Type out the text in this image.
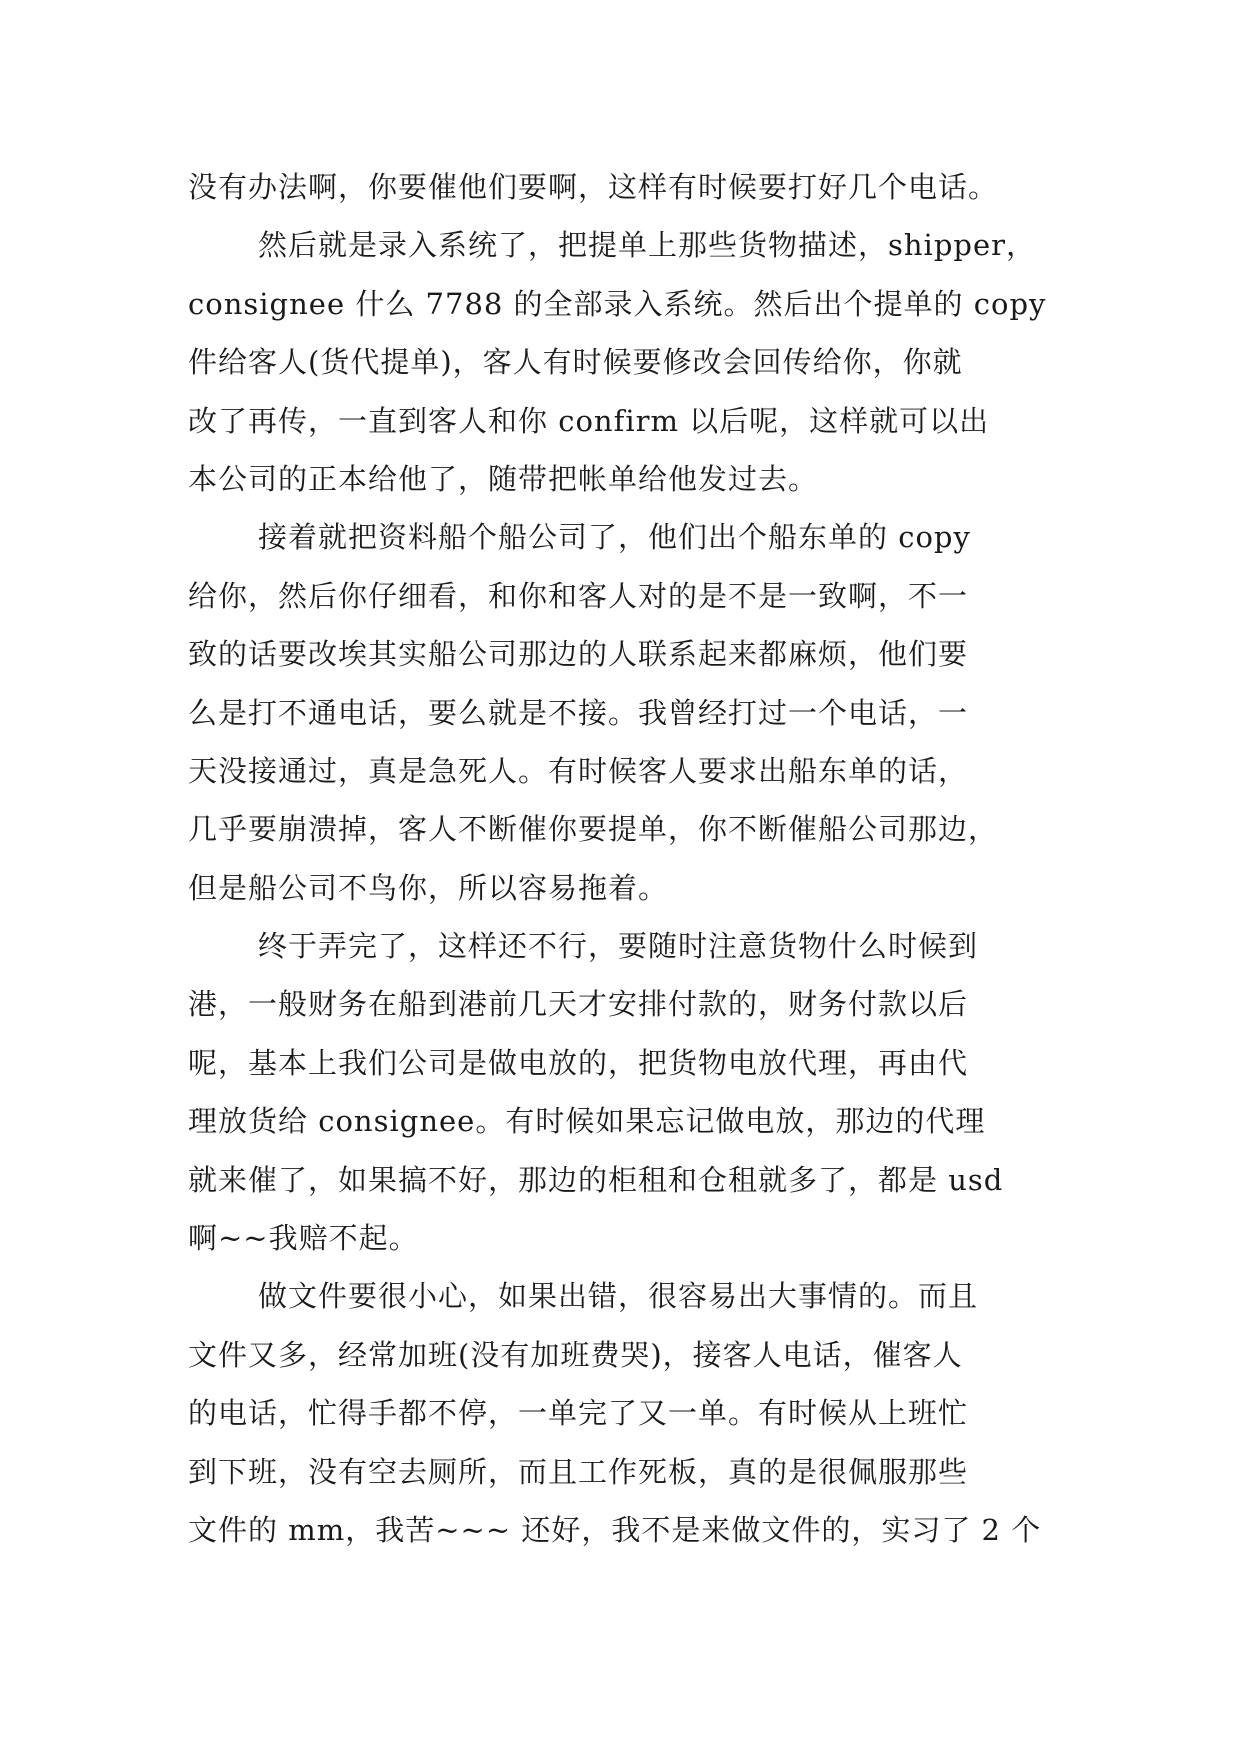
没有办法啊，你要催他们要啊，这样有时候要打好几个电话。
然后就是录入系统了，把提单上那些货物描述，shipper，
consignee 什么 7788 的全部录入系统。然后出个提单的 copy
件给客人(货代提单)，客人有时候要修改会回传给你，你就
改了再传，一直到客人和你 confirm 以后呢，这样就可以出
本公司的正本给他了，随带把帐单给他发过去。
接着就把资料船个船公司了，他们出个船东单的 copy
给你，然后你仔细看，和你和客人对的是不是一致啊，不一
致的话要改埃其实船公司那边的人联系起来都麻烦，他们要
么是打不通电话，要么就是不接。我曾经打过一个电话，一
天没接通过，真是急死人。有时候客人要求出船东单的话，
几乎要崩溃掉，客人不断催你要提单，你不断催船公司那边，
但是船公司不鸟你，所以容易拖着。
终于弄完了，这样还不行，要随时注意货物什么时候到
港，一般财务在船到港前几天才安排付款的，财务付款以后
呢，基本上我们公司是做电放的，把货物电放代理，再由代
理放货给 consignee。有时候如果忘记做电放，那边的代理
就来催了，如果搞不好，那边的柜租和仓租就多了，都是 usd
啊~~我赔不起。
做文件要很小心，如果出错，很容易出大事情的。而且
文件又多，经常加班(没有加班费哭)，接客人电话，催客人
的电话，忙得手都不停，一单完了又一单。有时候从上班忙
到下班，没有空去厕所，而且工作死板，真的是很佩服那些
文件的 mm，我苦~~~ 还好，我不是来做文件的，实习了 2 个
